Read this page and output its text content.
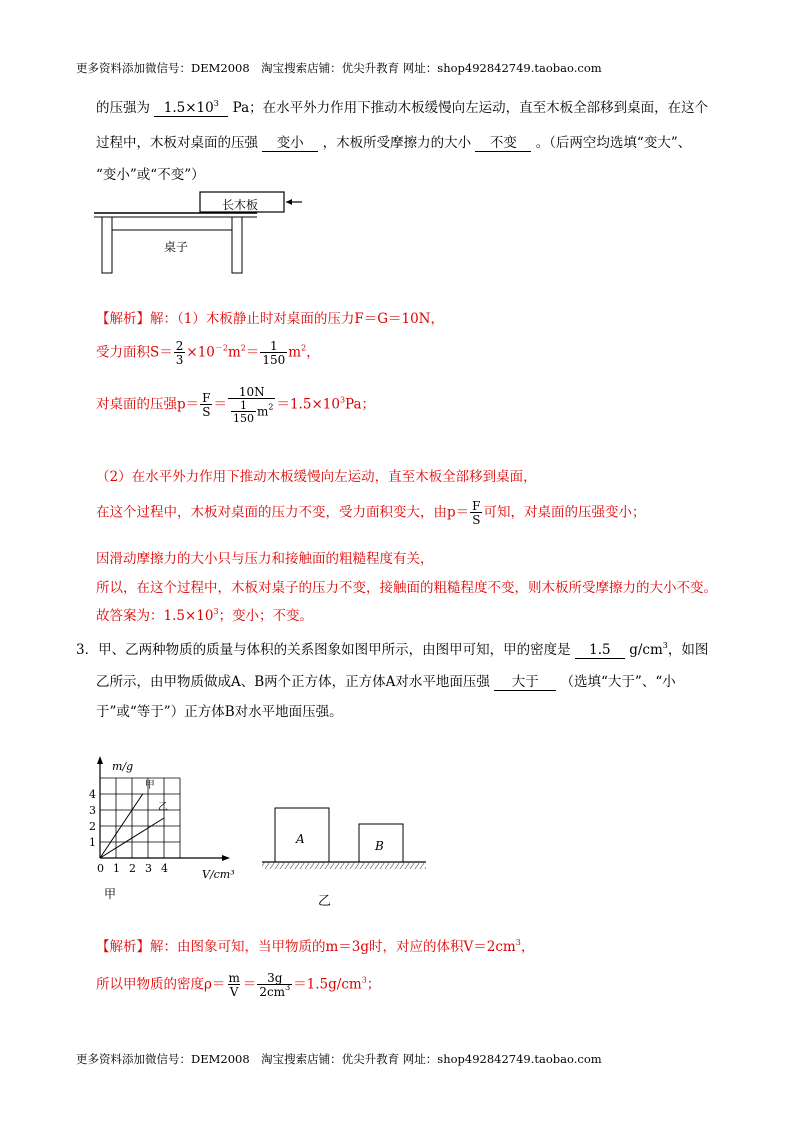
更多资料添加微信号：DEM2008　淘宝搜索店铺：优尖升教育 网址：shop492842749.taobao.com
更多资料添加微信号：DEM2008　淘宝搜索店铺：优尖升教育 网址：shop492842749.taobao.com
的压强为 $1.5\times 10^3$ Pa；在水平外力作用下推动木板缓慢向左运动，直至木板全部移到桌面，在这个
过程中，木板对桌面的压强 变小 ，木板所受摩擦力的大小 不变 。（后两空均选填“变大”、
“变小”或“不变”）
长木板
桌子
【解析】解：（1）木板静止时对桌面的压力F＝G＝10N，
受力面积$S= \frac{2}{3} \times 10^{-2}m^2= \frac{1}{150} m^2$，
对桌面的压强$p= \frac{F}{S} = \frac{10N}{\frac{1}{150} m^2} =1.5\times 10^3Pa$；
（2）在水平外力作用下推动木板缓慢向左运动，直至木板全部移到桌面，
在这个过程中，木板对桌面的压力不变，受力面积变大，由$p= \frac{F}{S}$ 可知，对桌面的压强变小；
因滑动摩擦力的大小只与压力和接触面的粗糙程度有关，
所以，在这个过程中，木板对桌子的压力不变，接触面的粗糙程度不变，则木板所受摩擦力的大小不变。
故答案为：$1.5\times 10^3$；变小；不变。
3．甲、乙两种物质的质量与体积的关系图象如图甲所示，由图甲可知，甲的密度是 1.5 $g/cm^3$，如图
乙所示，由甲物质做成A、B两个正方体，正方体A对水平地面压强 大于 （选填“大于”、“小
于”或“等于”）正方体B对水平地面压强。
甲
乙
0 1 2 3 4
1
2
3
4
m/g
V/cm³
甲
A	B
乙
【解析】解：由图象可知，当甲物质的m＝3g时，对应的体积$V=2cm^3$，
所以甲物质的密度$\rho= \frac{m}{V} = \frac{3g}{2cm^3} =1.5g/cm^3$；
